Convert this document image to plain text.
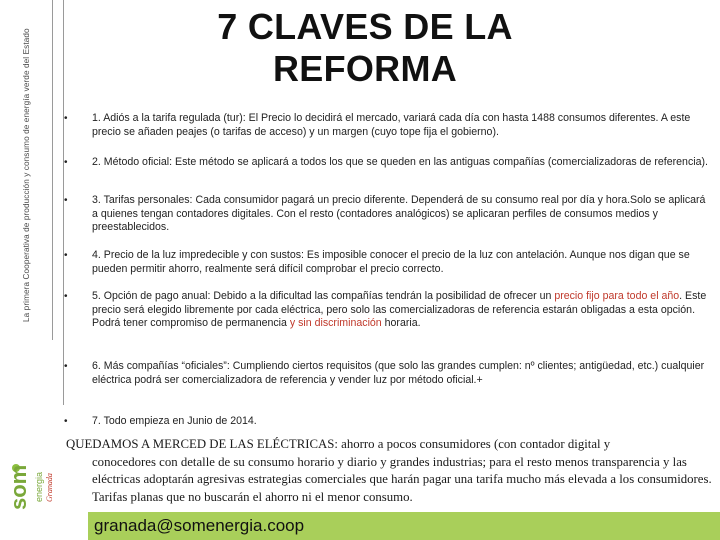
La primera Cooperativa de producción y consumo de energía verde del Estado
7 CLAVES DE LA REFORMA
• 1. Adiós a la tarifa regulada (tur): El Precio lo decidirá el mercado, variará cada día con hasta 1488 consumos diferentes. A este precio se añaden peajes (o tarifas de acceso) y un margen (cuyo tope fija el gobierno).
• 2. Método oficial: Este método se aplicará a todos los que se queden en las antiguas compañías (comercializadoras de referencia).
• 3. Tarifas personales: Cada consumidor pagará un precio diferente. Dependerá de su consumo real por día y hora.Solo se aplicará a quienes tengan contadores digitales. Con el resto (contadores analógicos) se aplicaran perfiles de consumos medios y preestablecidos.
• 4. Precio de la luz impredecible y con sustos: Es imposible conocer el precio de la luz con antelación. Aunque nos digan que se pueden permitir ahorro, realmente será difícil comprobar el precio correcto.
• 5. Opción de pago anual: Debido a la dificultad las compañías tendrán la posibilidad de ofrecer un precio fijo para todo el año. Este precio será elegido libremente por cada eléctrica, pero solo las comercializadoras de referencia estarán obligadas a esta opción. Podrá tener compromiso de permanencia y sin discriminación horaria.
• 6. Más compañías “oficiales”: Cumpliendo ciertos requisitos (que solo las grandes cumplen: nº clientes; antigüedad, etc.) cualquier eléctrica podrá ser comercializadora de referencia y vender luz por método oficial.+
• 7. Todo empieza en Junio de 2014.
QUEDAMOS A MERCED DE LAS ELÉCTRICAS: ahorro a pocos consumidores (con contador digital y
conocedores con detalle de su consumo horario y diario y grandes industrias; para el resto menos transparencia y las eléctricas adoptarán agresivas estrategias comerciales que harán pagar una tarifa mucho más elevada a los consumidores. Tarifas planas que no buscarán el ahorro ni el menor consumo.
som energia Granada
granada@somenergia.coop
